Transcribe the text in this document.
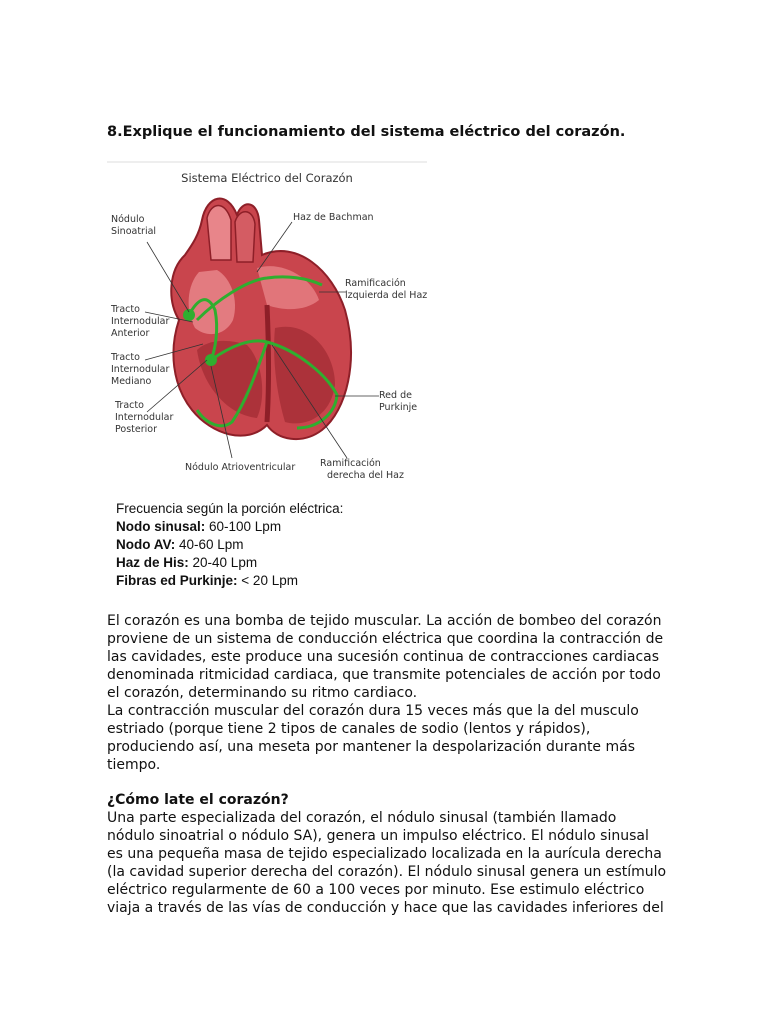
8.Explique el funcionamiento del sistema eléctrico del corazón.
Sistema Eléctrico del Corazón
Nódulo
Sinoatrial
Haz de Bachman
Ramificación
izquierda del Haz
Tracto
Internodular
Anterior
Tracto
Internodular
Mediano
Tracto
Internodular
Posterior
Red de
Purkinje
Nódulo Atrioventricular	Ramificación
derecha del Haz
Frecuencia según la porción eléctrica:
Nodo sinusal: 60-100 Lpm
Nodo AV: 40-60 Lpm
Haz de His: 20-40 Lpm
Fibras ed Purkinje: < 20 Lpm

El corazón es una bomba de tejido muscular. La acción de bombeo del corazón proviene de un sistema de conducción eléctrica que coordina la contracción de las cavidades, este produce una sucesión continua de contracciones cardiacas denominada ritmicidad cardiaca, que transmite potenciales de acción por todo el corazón, determinando su ritmo cardiaco.

La contracción muscular del corazón dura 15 veces más que la del musculo estriado (porque tiene 2 tipos de canales de sodio (lentos y rápidos), produciendo así, una meseta por mantener la despolarización durante más tiempo.

¿Cómo late el corazón?

Una parte especializada del corazón, el nódulo sinusal (también llamado nódulo sinoatrial o nódulo SA), genera un impulso eléctrico. El nódulo sinusal es una pequeña masa de tejido especializado localizada en la aurícula derecha (la cavidad superior derecha del corazón). El nódulo sinusal genera un estímulo eléctrico regularmente de 60 a 100 veces por minuto. Ese estimulo eléctrico viaja a través de las vías de conducción y hace que las cavidades inferiores del
